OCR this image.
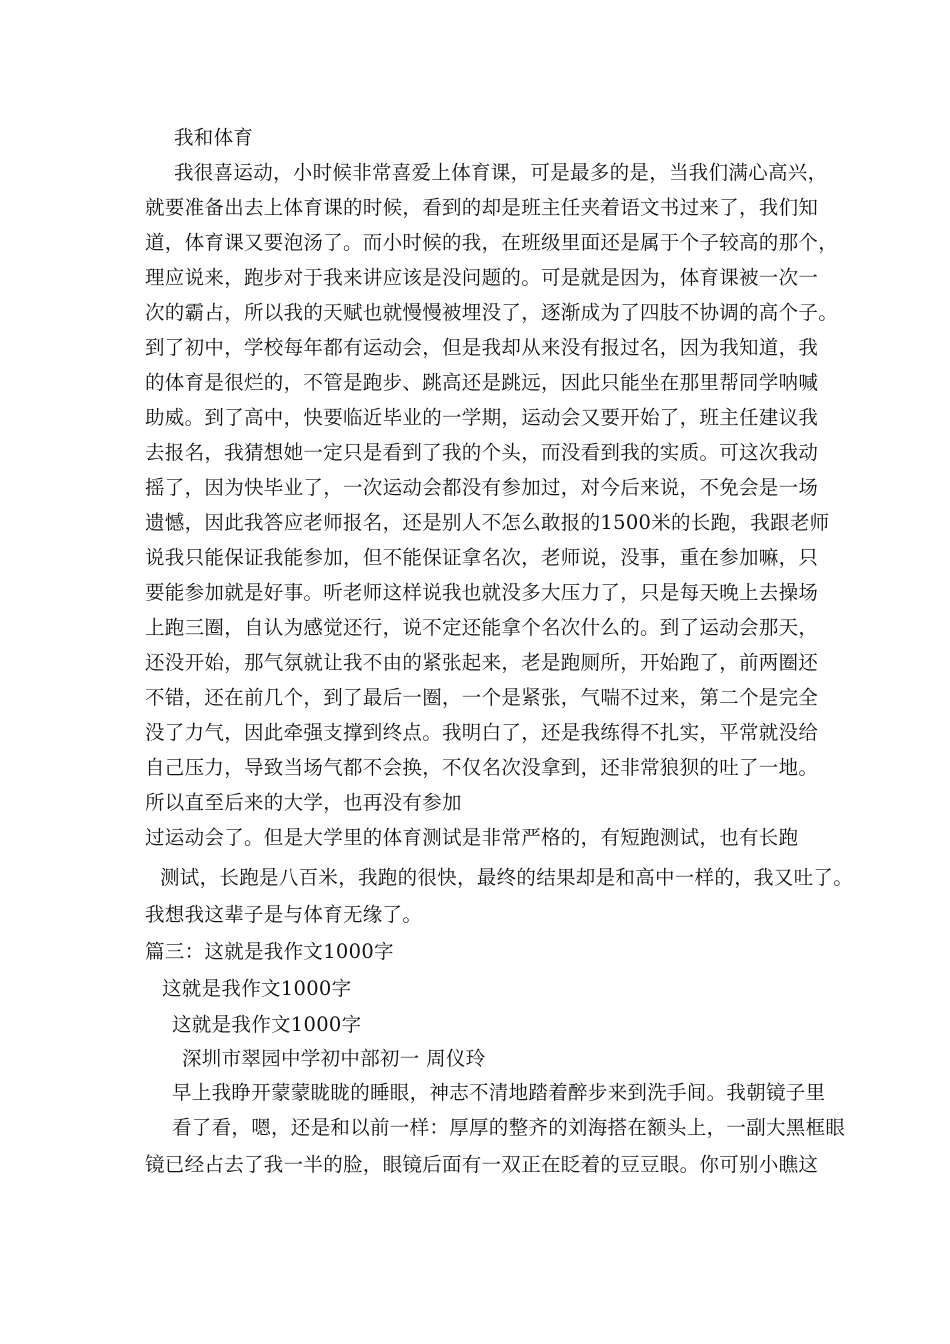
我和体育
我很喜运动，小时候非常喜爱上体育课，可是最多的是，当我们满心高兴，
就要准备出去上体育课的时候，看到的却是班主任夹着语文书过来了，我们知
道，体育课又要泡汤了。而小时候的我，在班级里面还是属于个子较高的那个，
理应说来，跑步对于我来讲应该是没问题的。可是就是因为，体育课被一次一
次的霸占，所以我的天赋也就慢慢被埋没了，逐渐成为了四肢不协调的高个子。
到了初中，学校每年都有运动会，但是我却从来没有报过名，因为我知道，我
的体育是很烂的，不管是跑步、跳高还是跳远，因此只能坐在那里帮同学呐喊
助威。到了高中，快要临近毕业的一学期，运动会又要开始了，班主任建议我
去报名，我猜想她一定只是看到了我的个头，而没看到我的实质。可这次我动
摇了，因为快毕业了，一次运动会都没有参加过，对今后来说，不免会是一场
遗憾，因此我答应老师报名，还是别人不怎么敢报的1500米的长跑，我跟老师
说我只能保证我能参加，但不能保证拿名次，老师说，没事，重在参加嘛，只
要能参加就是好事。听老师这样说我也就没多大压力了，只是每天晚上去操场
上跑三圈，自认为感觉还行，说不定还能拿个名次什么的。到了运动会那天，
还没开始，那气氛就让我不由的紧张起来，老是跑厕所，开始跑了，前两圈还
不错，还在前几个，到了最后一圈，一个是紧张，气喘不过来，第二个是完全
没了力气，因此牵强支撑到终点。我明白了，还是我练得不扎实，平常就没给
自己压力，导致当场气都不会换，不仅名次没拿到，还非常狼狈的吐了一地。
所以直至后来的大学，也再没有参加
过运动会了。但是大学里的体育测试是非常严格的，有短跑测试，也有长跑
测试，长跑是八百米，我跑的很快，最终的结果却是和高中一样的，我又吐了。
我想我这辈子是与体育无缘了。
篇三：这就是我作文1000字
这就是我作文1000字
这就是我作文1000字
深圳市翠园中学初中部初一 周仪玲
早上我睁开蒙蒙眬眬的睡眼，神志不清地踏着醉步来到洗手间。我朝镜子里
看了看，嗯，还是和以前一样：厚厚的整齐的刘海搭在额头上，一副大黑框眼
镜已经占去了我一半的脸，眼镜后面有一双正在眨着的豆豆眼。你可别小瞧这
